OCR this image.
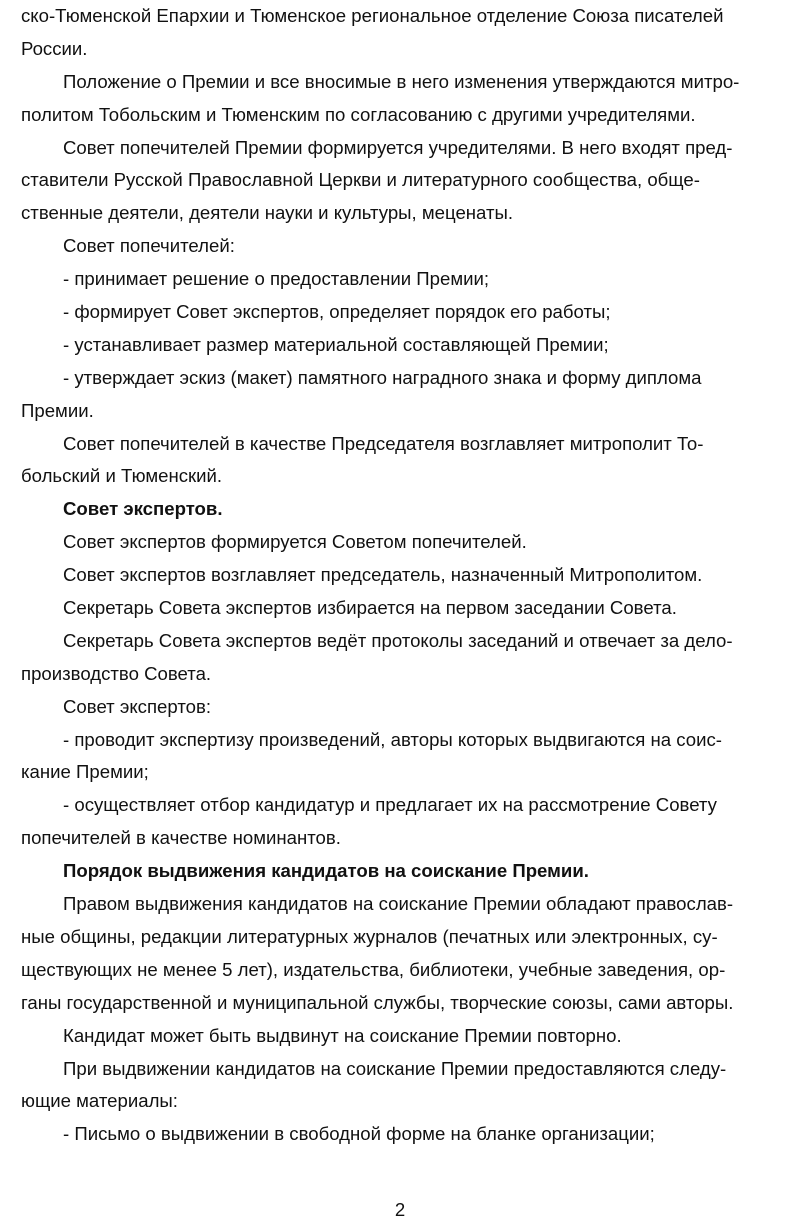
ско-Тюменской Епархии и Тюменское региональное отделение Союза писателей
России.
Положение о Премии и все вносимые в него изменения утверждаются митро-
политом Тобольским и Тюменским по согласованию с другими учредителями.
Совет попечителей Премии формируется учредителями. В него входят пред-
ставители Русской Православной Церкви и литературного сообщества, обще-
ственные деятели, деятели науки и культуры, меценаты.
Совет попечителей:
- принимает решение о предоставлении Премии;
- формирует Совет экспертов, определяет порядок его работы;
- устанавливает размер материальной составляющей Премии;
- утверждает эскиз (макет) памятного наградного знака и форму диплома
Премии.
Совет попечителей в качестве Председателя возглавляет митрополит То-
больский и Тюменский.
Совет экспертов.
Совет экспертов формируется Советом попечителей.
Совет экспертов возглавляет председатель, назначенный Митрополитом.
Секретарь Совета экспертов избирается на первом заседании Совета.
Секретарь Совета экспертов ведёт протоколы заседаний и отвечает за дело-
производство Совета.
Совет экспертов:
- проводит экспертизу произведений, авторы которых выдвигаются на соис-
кание Премии;
- осуществляет отбор кандидатур и предлагает их на рассмотрение Совету
попечителей в качестве номинантов.
Порядок выдвижения кандидатов на соискание Премии.
Правом выдвижения кандидатов на соискание Премии обладают православ-
ные общины, редакции литературных журналов (печатных или электронных, су-
ществующих не менее 5 лет), издательства, библиотеки, учебные заведения, ор-
ганы государственной и муниципальной службы, творческие союзы, сами авторы.
Кандидат может быть выдвинут на соискание Премии повторно.
При выдвижении кандидатов на соискание Премии предоставляются следу-
ющие материалы:
- Письмо о выдвижении в свободной форме на бланке организации;
2
